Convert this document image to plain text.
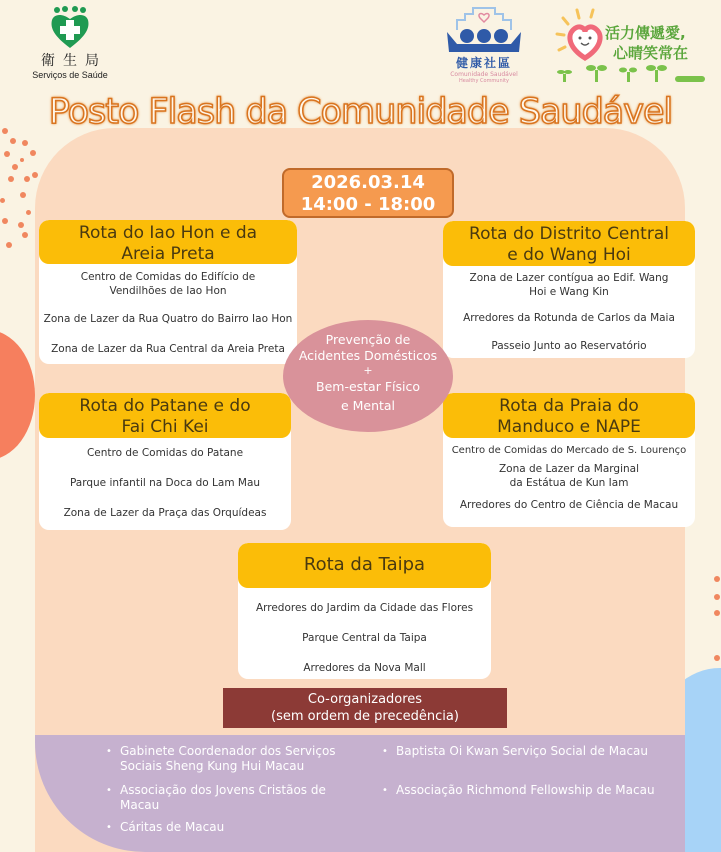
衛生局
Serviços de Saúde
健康社區
Comunidade Saudável
Healthy Community
活力傳遞愛,
心晴笑常在
Posto Flash da Comunidade Saudável
2026.03.14
14:00 - 18:00
Rota do Iao Hon e da
Areia Preta
Centro de Comidas do Edifício de Vendilhões de Iao Hon
Zona de Lazer da Rua Quatro do Bairro Iao Hon
Zona de Lazer da Rua Central da Areia Preta
Rota do Distrito Central
e do Wang Hoi
Zona de Lazer contígua ao Edif. Wang Hoi e Wang Kin
Arredores da Rotunda de Carlos da Maia
Passeio Junto ao Reservatório
Rota do Patane e do
Fai Chi Kei
Centro de Comidas do Patane
Parque infantil na Doca do Lam Mau
Zona de Lazer da Praça das Orquídeas
Rota da Praia do
Manduco e NAPE
Centro de Comidas do Mercado de S. Lourenço
Zona de Lazer da Marginal da Estátua de Kun Iam
Arredores do Centro de Ciência de Macau
Rota da Taipa
Arredores do Jardim da Cidade das Flores
Parque Central da Taipa
Arredores da Nova Mall
Prevenção de
Acidentes Domésticos
+
Bem-estar Físico
e Mental
Co-organizadores
(sem ordem de precedência)
• Gabinete Coordenador dos Serviços Sociais Sheng Kung Hui Macau
• Associação dos Jovens Cristãos de Macau
• Cáritas de Macau
• Baptista Oi Kwan Serviço Social de Macau
• Associação Richmond Fellowship de Macau
